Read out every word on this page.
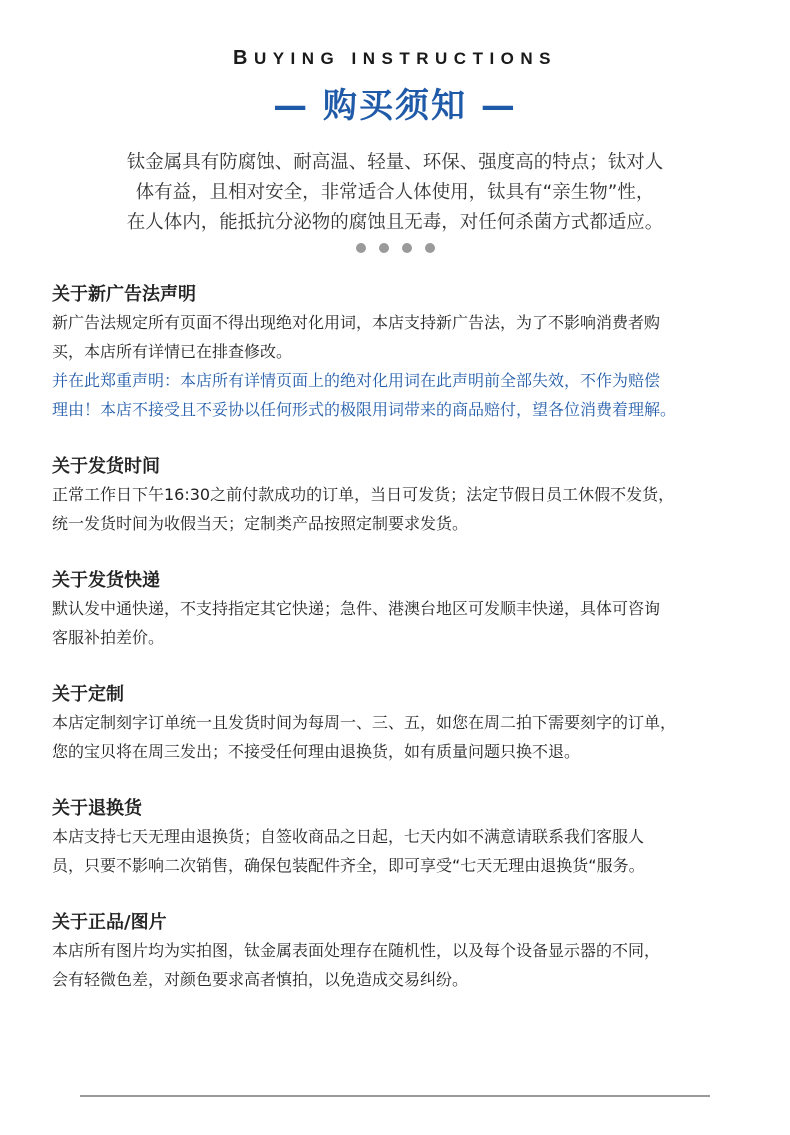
BUYING INSTRUCTIONS
— 购买须知 —
钛金属具有防腐蚀、耐高温、轻量、环保、强度高的特点；钛对人
体有益，且相对安全，非常适合人体使用，钛具有“亲生物”性，
在人体内，能抵抗分泌物的腐蚀且无毒，对任何杀菌方式都适应。
关于新广告法声明
新广告法规定所有页面不得出现绝对化用词，本店支持新广告法，为了不影响消费者购
买，本店所有详情已在排查修改。
并在此郑重声明：本店所有详情页面上的绝对化用词在此声明前全部失效，不作为赔偿
理由！本店不接受且不妥协以任何形式的极限用词带来的商品赔付，望各位消费着理解。
关于发货时间
正常工作日下午16:30之前付款成功的订单，当日可发货；法定节假日员工休假不发货，
统一发货时间为收假当天；定制类产品按照定制要求发货。
关于发货快递
默认发中通快递，不支持指定其它快递；急件、港澳台地区可发顺丰快递，具体可咨询
客服补拍差价。
关于定制
本店定制刻字订单统一且发货时间为每周一、三、五，如您在周二拍下需要刻字的订单，
您的宝贝将在周三发出；不接受任何理由退换货，如有质量问题只换不退。
关于退换货
本店支持七天无理由退换货；自签收商品之日起，七天内如不满意请联系我们客服人
员，只要不影响二次销售，确保包装配件齐全，即可享受“七天无理由退换货“服务。
关于正品/图片
本店所有图片均为实拍图，钛金属表面处理存在随机性，以及每个设备显示器的不同，
会有轻微色差，对颜色要求高者慎拍，以免造成交易纠纷。
